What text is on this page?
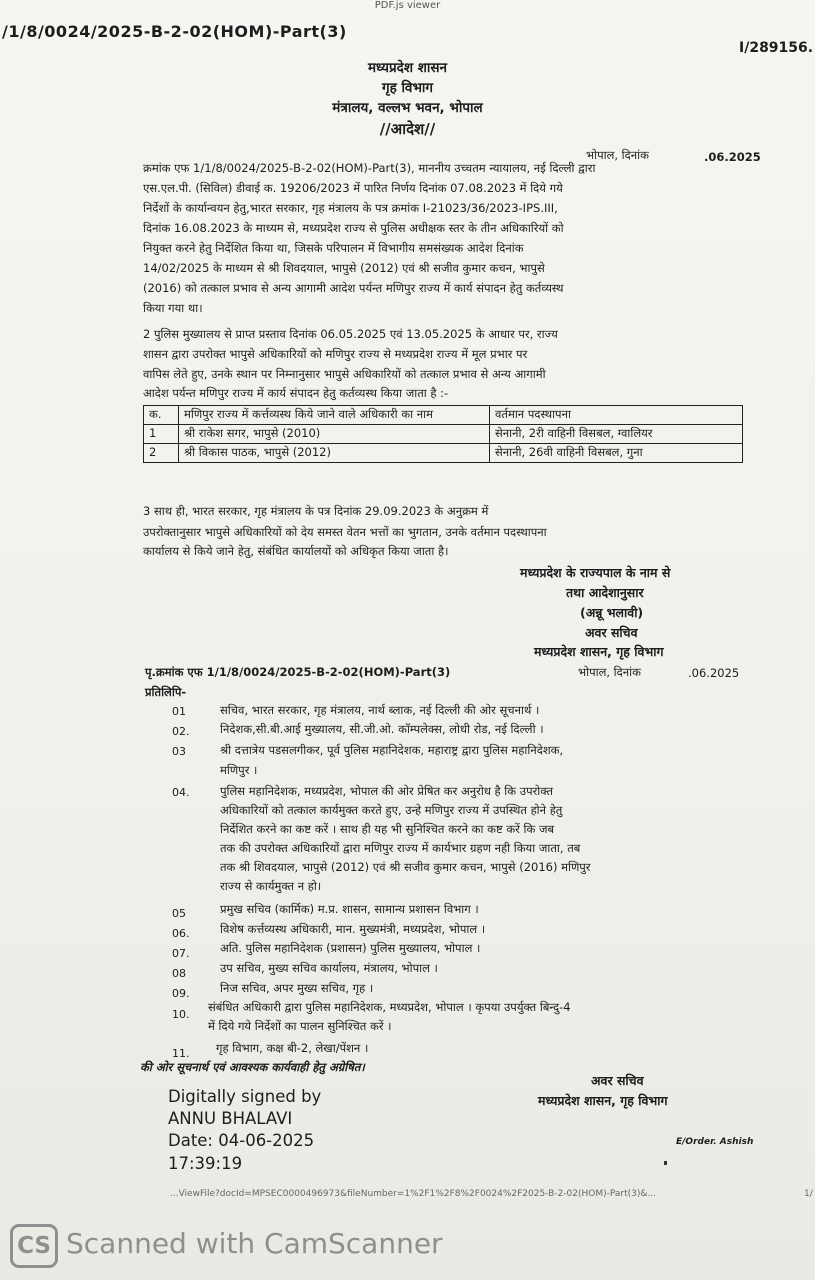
PDF.js viewer
/1/8/0024/2025-B-2-02(HOM)-Part(3)
I/289156.
मध्यप्रदेश शासन
गृह विभाग
मंत्रालय, वल्लभ भवन, भोपाल
//आदेश//
भोपाल, दिनांक	.06.2025
क्रमांक एफ 1/1/8/0024/2025-B-2-02(HOM)-Part(3), माननीय उच्चतम न्यायालय, नई दिल्ली द्वारा
एस.एल.पी. (सिविल) डीवाई क. 19206/2023 में पारित निर्णय दिनांक 07.08.2023 में दिये गये
निर्देशों के कार्यान्वयन हेतु,भारत सरकार, गृह मंत्रालय के पत्र क्रमांक I-21023/36/2023-IPS.III,
दिनांक 16.08.2023 के माध्यम से, मध्यप्रदेश राज्य से पुलिस अधीक्षक स्तर के तीन अधिकारियों को
नियुक्त करने हेतु निर्देशित किया था, जिसके परिपालन में विभागीय समसंख्यक आदेश दिनांक
14/02/2025 के माध्यम से श्री शिवदयाल, भापुसे (2012) एवं श्री सजीव कुमार कचन, भापुसे
(2016) को तत्काल प्रभाव से अन्य आगामी आदेश पर्यन्त मणिपुर राज्य में कार्य संपादन हेतु कर्तव्यस्थ
किया गया था।
2 पुलिस मुख्यालय से प्राप्त प्रस्ताव दिनांक 06.05.2025 एवं 13.05.2025 के आधार पर, राज्य
शासन द्वारा उपरोक्त भापुसे अधिकारियों को मणिपुर राज्य से मध्यप्रदेश राज्य में मूल प्रभार पर
वापिस लेते हुए, उनके स्थान पर निम्नानुसार भापुसे अधिकारियों को तत्काल प्रभाव से अन्य आगामी
आदेश पर्यन्त मणिपुर राज्य में कार्य संपादन हेतु कर्तव्यस्थ किया जाता है :-
क.	मणिपुर राज्य में कर्त्तव्यस्थ किये जाने वाले अधिकारी का नाम	वर्तमान पदस्थापना
1	श्री राकेश सगर, भापुसे (2010)	सेनानी, 2री वाहिनी विसबल, ग्वालियर
2	श्री विकास पाठक, भापुसे (2012)	सेनानी, 26वी वाहिनी विसबल, गुना
3 साथ ही, भारत सरकार, गृह मंत्रालय के पत्र दिनांक 29.09.2023 के अनुक्रम में
उपरोक्तानुसार भापुसे अधिकारियों को देय समस्त वेतन भत्तों का भुगतान, उनके वर्तमान पदस्थापना
कार्यालय से किये जाने हेतु, संबंधित कार्यालयों को अधिकृत किया जाता है।
मध्यप्रदेश के राज्यपाल के नाम से
तथा आदेशानुसार
(अन्नू भलावी)
अवर सचिव
मध्यप्रदेश शासन, गृह विभाग
पृ.क्रमांक एफ 1/1/8/0024/2025-B-2-02(HOM)-Part(3)	भोपाल, दिनांक	.06.2025
प्रतिलिपि-
01	सचिव, भारत सरकार, गृह मंत्रालय, नार्थ ब्लाक, नई दिल्ली की ओर सूचनार्थ ।
02.	निदेशक,सी.बी.आई मुख्यालय, सी.जी.ओ. कॉम्पलेक्स, लोधी रोड, नई दिल्ली ।
03	श्री दत्तात्रेय पडसलगीकर, पूर्व पुलिस महानिदेशक, महाराष्ट्र द्वारा पुलिस महानिदेशक,
मणिपुर ।
04.	पुलिस महानिदेशक, मध्यप्रदेश, भोपाल की ओर प्रेषित कर अनुरोध है कि उपरोक्त
अधिकारियों को तत्काल कार्यमुक्त करते हुए, उन्हे मणिपुर राज्य में उपस्थित होने हेतु
निर्देशित करने का कष्ट करें । साथ ही यह भी सुनिश्चित करने का कष्ट करें कि जब
तक की उपरोक्त अधिकारियों द्वारा मणिपुर राज्य में कार्यभार ग्रहण नही किया जाता, तब
तक श्री शिवदयाल, भापुसे (2012) एवं श्री सजीव कुमार कचन, भापुसे (2016) मणिपुर
राज्य से कार्यमुक्त न हो।
05	प्रमुख सचिव (कार्मिक) म.प्र. शासन, सामान्य प्रशासन विभाग ।
06.	विशेष कर्त्तव्यस्थ अधिकारी, मान. मुख्यमंत्री, मध्यप्रदेश, भोपाल ।
07.	अति. पुलिस महानिदेशक (प्रशासन) पुलिस मुख्यालय, भोपाल ।
08	उप सचिव, मुख्य सचिव कार्यालय, मंत्रालय, भोपाल ।
09.	निज सचिव, अपर मुख्य सचिव, गृह ।
10.
संबंधित अधिकारी द्वारा पुलिस महानिदेशक, मध्यप्रदेश, भोपाल । कृपया उपर्युक्त बिन्दु-4
में दिये गये निर्देशों का पालन सुनिश्चित करें ।
11. गृह विभाग, कक्ष बी-2, लेखा/पेंशन ।
की ओर सूचनार्थ एवं आवश्यक कार्यवाही हेतु अग्रेषित।
अवर सचिव
मध्यप्रदेश शासन, गृह विभाग
Digitally signed by
ANNU BHALAVI
Date: 04-06-2025
17:39:19
E/Order. Ashish
...ViewFile?docId=MPSEC0000496973&fileNumber=1%2F1%2F8%2F0024%2F2025-B-2-02(HOM)-Part(3)&...	1/
CS Scanned with CamScanner
